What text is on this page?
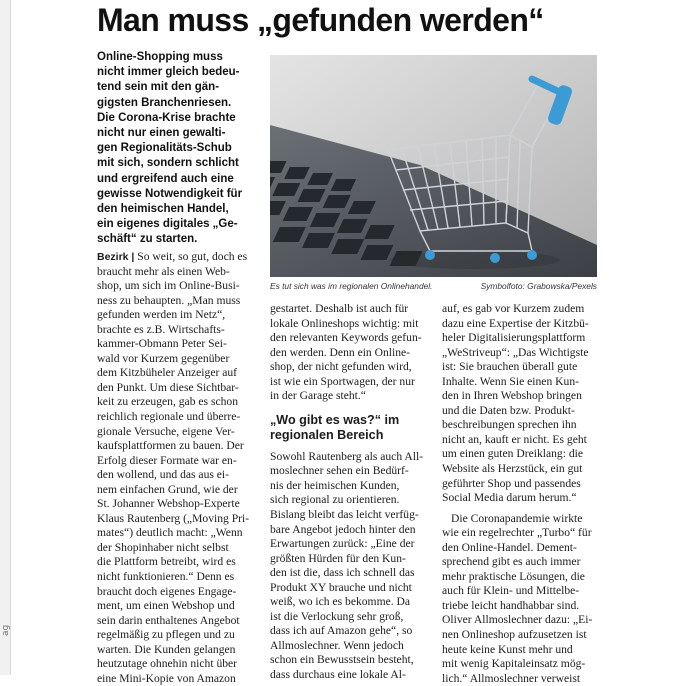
ag
Man muss „gefunden werden“
Online-Shopping muss
nicht immer gleich bedeu-
tend sein mit den gän-
gigsten Branchenriesen.
Die Corona-Krise brachte
nicht nur einen gewalti-
gen Regionalitäts-Schub
mit sich, sondern schlicht
und ergreifend auch eine
gewisse Notwendigkeit für
den heimischen Handel,
ein eigenes digitales „Ge-
schäft“ zu starten.
Es tut sich was im regionalen Onlinehandel.	Symbolfoto: Grabowska/Pexels
Bezirk | So weit, so gut, doch es
braucht mehr als einen Web-
shop, um sich im Online-Busi-
ness zu behaupten. „Man muss
gefunden werden im Netz“,
brachte es z.B. Wirtschafts-
kammer-Obmann Peter Sei-
wald vor Kurzem gegenüber
dem Kitzbüheler Anzeiger auf
den Punkt. Um diese Sichtbar-
keit zu erzeugen, gab es schon
reichlich regionale und überre-
gionale Versuche, eigene Ver-
kaufsplattformen zu bauen. Der
Erfolg dieser Formate war en-
den wollend, und das aus ei-
nem einfachen Grund, wie der
St. Johanner Webshop-Experte
Klaus Rautenberg („Moving Pri-
mates“) deutlich macht: „Wenn
der Shopinhaber nicht selbst
die Plattform betreibt, wird es
nicht funktionieren.“ Denn es
braucht doch eigenes Engage-
ment, um einen Webshop und
sein darin enthaltenes Angebot
regelmäßig zu pflegen und zu
warten. Die Kunden gelangen
heutzutage ohnehin nicht über
eine Mini-Kopie von Amazon
gestartet. Deshalb ist auch für
lokale Onlineshops wichtig: mit
den relevanten Keywords gefun-
den werden. Denn ein Online-
shop, der nicht gefunden wird,
ist wie ein Sportwagen, der nur
in der Garage steht.“
„Wo gibt es was?“ im
regionalen Bereich
Sowohl Rautenberg als auch All-
moslechner sehen ein Bedürf-
nis der heimischen Kunden,
sich regional zu orientieren.
Bislang bleibt das leicht verfüg-
bare Angebot jedoch hinter den
Erwartungen zurück: „Eine der
größten Hürden für den Kun-
den ist die, dass ich schnell das
Produkt XY brauche und nicht
weiß, wo ich es bekomme. Da
ist die Verlockung sehr groß,
dass ich auf Amazon gehe“, so
Allmoslechner. Wenn jedoch
schon ein Bewusstsein besteht,
dass durchaus eine lokale Al-
auf, es gab vor Kurzem zudem
dazu eine Expertise der Kitzbü-
heler Digitalisierungsplattform
„WeStriveup“: „Das Wichtigste
ist: Sie brauchen überall gute
Inhalte. Wenn Sie einen Kun-
den in Ihren Webshop bringen
und die Daten bzw. Produkt-
beschreibungen sprechen ihn
nicht an, kauft er nicht. Es geht
um einen guten Dreiklang: die
Website als Herzstück, ein gut
geführter Shop und passendes
Social Media darum herum.“
Die Coronapandemie wirkte
wie ein regelrechter „Turbo“ für
den Online-Handel. Dement-
sprechend gibt es auch immer
mehr praktische Lösungen, die
auch für Klein- und Mittelbe-
triebe leicht handhabbar sind.
Oliver Allmoslechner dazu: „Ei-
nen Onlineshop aufzusetzen ist
heute keine Kunst mehr und
mit wenig Kapitaleinsatz mög-
lich.“ Allmoslechner verweist
